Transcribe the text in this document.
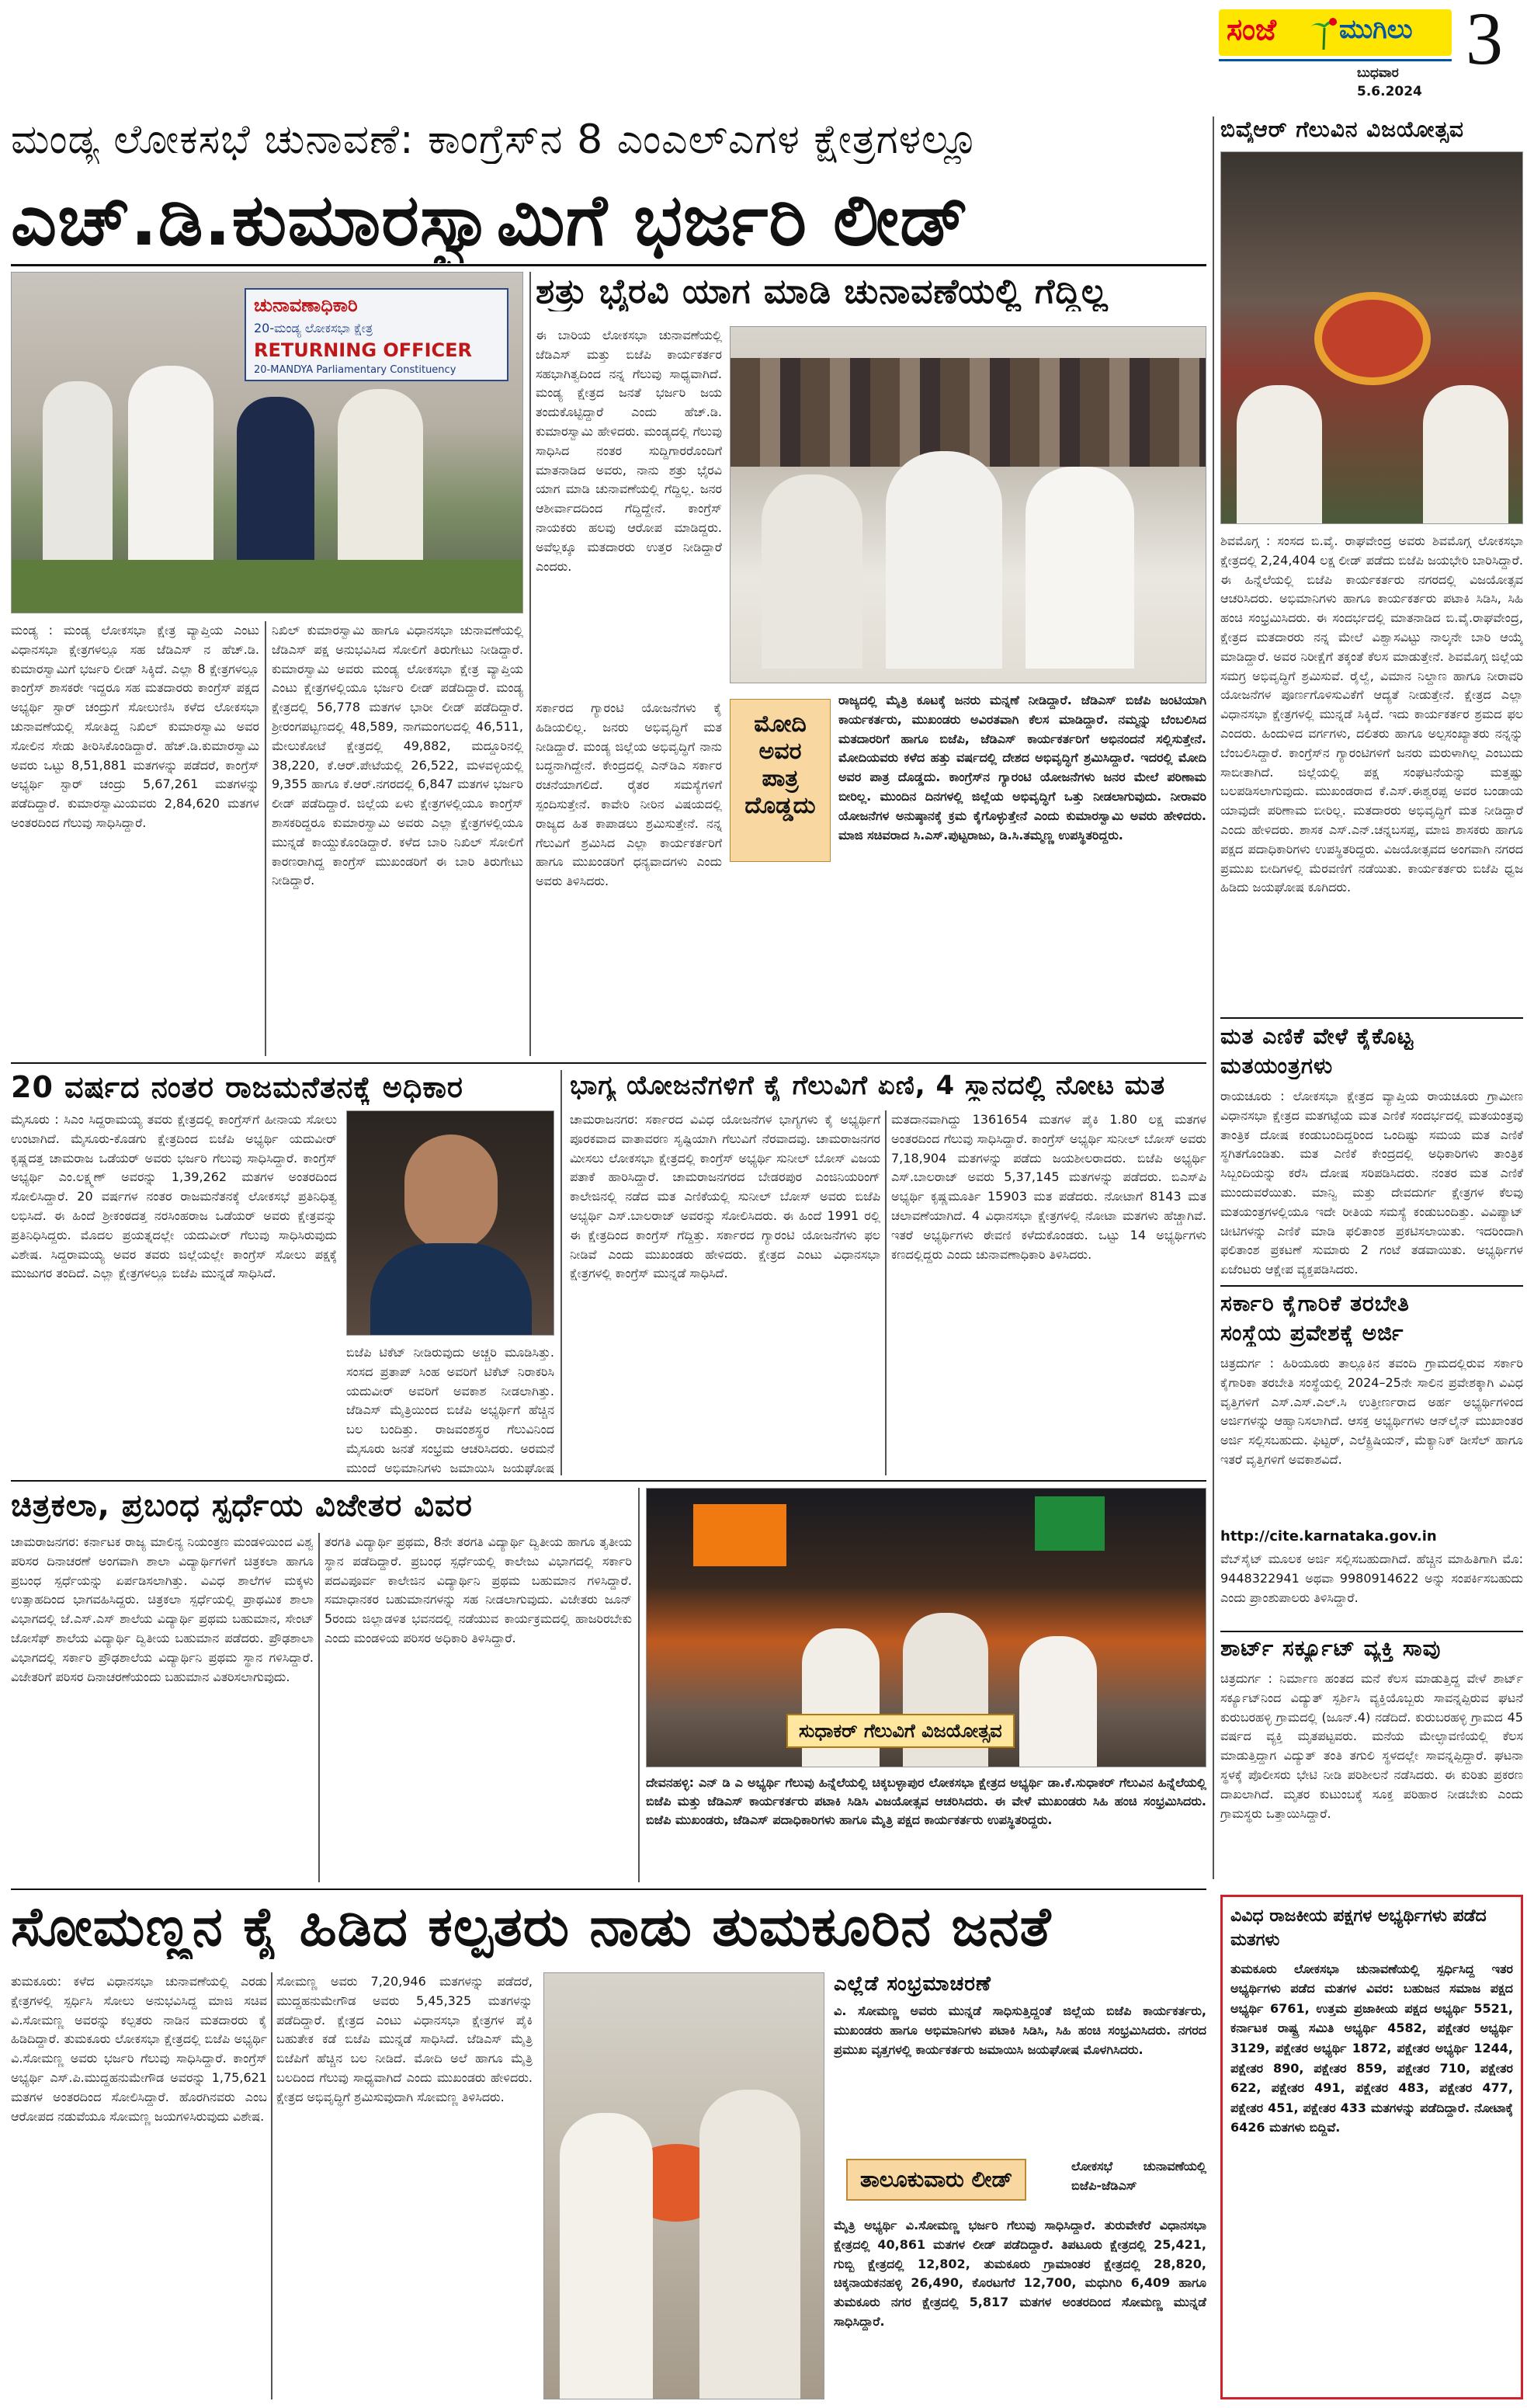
ಸಂಜೆ ಮುಗಿಲು
ಬುಧವಾರ
5.6.2024
3
ಮಂಡ್ಯ ಲೋಕಸಭೆ ಚುನಾವಣೆ: ಕಾಂಗ್ರೆಸ್‌ನ 8 ಎಂಎಲ್ಎಗಳ ಕ್ಷೇತ್ರಗಳಲ್ಲೂ
ಎಚ್.ಡಿ.ಕುಮಾರಸ್ವಾಮಿಗೆ ಭರ್ಜರಿ ಲೀಡ್
ಚುನಾವಣಾಧಿಕಾರಿ
20-ಮಂಡ್ಯ ಲೋಕಸಭಾ ಕ್ಷೇತ್ರ
RETURNING OFFICER
20-MANDYA Parliamentary Constituency
ಮಂಡ್ಯ : ಮಂಡ್ಯ ಲೋಕಸಭಾ ಕ್ಷೇತ್ರ ವ್ಯಾಪ್ತಿಯ ಎಂಟು ವಿಧಾನಸಭಾ ಕ್ಷೇತ್ರಗಳಲ್ಲೂ ಸಹ ಜೆಡಿಎಸ್ ನ ಹೆಚ್.ಡಿ. ಕುಮಾರಸ್ವಾಮಿಗೆ ಭರ್ಜರಿ ಲೀಡ್ ಸಿಕ್ಕಿದೆ. ಎಲ್ಲಾ 8 ಕ್ಷೇತ್ರಗಳಲ್ಲೂ ಕಾಂಗ್ರೆಸ್ ಶಾಸಕರೇ ಇದ್ದರೂ ಸಹ ಮತದಾರರು ಕಾಂಗ್ರೆಸ್ ಪಕ್ಷದ ಅಭ್ಯರ್ಥಿ ಸ್ಟಾರ್ ಚಂದ್ರುಗೆ ಸೋಲುಣಿಸಿ ಕಳೆದ ಲೋಕಸಭಾ ಚುನಾವಣೆಯಲ್ಲಿ ಸೋತಿದ್ದ ನಿಖಿಲ್ ಕುಮಾರಸ್ವಾಮಿ ಅವರ ಸೋಲಿನ ಸೇಡು ತೀರಿಸಿಕೊಂಡಿದ್ದಾರೆ. ಹೆಚ್.ಡಿ.ಕುಮಾರಸ್ವಾಮಿ ಅವರು ಒಟ್ಟು 8,51,881 ಮತಗಳನ್ನು ಪಡೆದರೆ, ಕಾಂಗ್ರೆಸ್ ಅಭ್ಯರ್ಥಿ ಸ್ಟಾರ್ ಚಂದ್ರು 5,67,261 ಮತಗಳನ್ನು ಪಡೆದಿದ್ದಾರೆ. ಕುಮಾರಸ್ವಾಮಿಯವರು 2,84,620 ಮತಗಳ ಅಂತರದಿಂದ ಗೆಲುವು ಸಾಧಿಸಿದ್ದಾರೆ.
ನಿಖಿಲ್ ಕುಮಾರಸ್ವಾಮಿ ಹಾಗೂ ವಿಧಾನಸಭಾ ಚುನಾವಣೆಯಲ್ಲಿ ಜೆಡಿಎಸ್ ಪಕ್ಷ ಅನುಭವಿಸಿದ ಸೋಲಿಗೆ ತಿರುಗೇಟು ನೀಡಿದ್ದಾರೆ. ಕುಮಾರಸ್ವಾಮಿ ಅವರು ಮಂಡ್ಯ ಲೋಕಸಭಾ ಕ್ಷೇತ್ರ ವ್ಯಾಪ್ತಿಯ ಎಂಟು ಕ್ಷೇತ್ರಗಳಲ್ಲಿಯೂ ಭರ್ಜರಿ ಲೀಡ್ ಪಡೆದಿದ್ದಾರೆ. ಮಂಡ್ಯ ಕ್ಷೇತ್ರದಲ್ಲಿ 56,778 ಮತಗಳ ಭಾರೀ ಲೀಡ್ ಪಡೆದಿದ್ದಾರೆ. ಶ್ರೀರಂಗಪಟ್ಟಣದಲ್ಲಿ 48,589, ನಾಗಮಂಗಲದಲ್ಲಿ 46,511, ಮೇಲುಕೋಟೆ ಕ್ಷೇತ್ರದಲ್ಲಿ 49,882, ಮದ್ದೂರಿನಲ್ಲಿ 38,220, ಕೆ.ಆರ್.ಪೇಟೆಯಲ್ಲಿ 26,522, ಮಳವಳ್ಳಿಯಲ್ಲಿ 9,355 ಹಾಗೂ ಕೆ.ಆರ್.ನಗರದಲ್ಲಿ 6,847 ಮತಗಳ ಭರ್ಜರಿ ಲೀಡ್ ಪಡೆದಿದ್ದಾರೆ. ಜಿಲ್ಲೆಯ ಏಳು ಕ್ಷೇತ್ರಗಳಲ್ಲಿಯೂ ಕಾಂಗ್ರೆಸ್ ಶಾಸಕರಿದ್ದರೂ ಕುಮಾರಸ್ವಾಮಿ ಅವರು ಎಲ್ಲಾ ಕ್ಷೇತ್ರಗಳಲ್ಲಿಯೂ ಮುನ್ನಡೆ ಕಾಯ್ದುಕೊಂಡಿದ್ದಾರೆ. ಕಳೆದ ಬಾರಿ ನಿಖಿಲ್ ಸೋಲಿಗೆ ಕಾರಣರಾಗಿದ್ದ ಕಾಂಗ್ರೆಸ್ ಮುಖಂಡರಿಗೆ ಈ ಬಾರಿ ತಿರುಗೇಟು ನೀಡಿದ್ದಾರೆ.
ಶತ್ರು ಭೈರವಿ ಯಾಗ ಮಾಡಿ ಚುನಾವಣೆಯಲ್ಲಿ ಗೆದ್ದಿಲ್ಲ
ಈ ಬಾರಿಯ ಲೋಕಸಭಾ ಚುನಾವಣೆಯಲ್ಲಿ ಜೆಡಿಎಸ್ ಮತ್ತು ಬಿಜೆಪಿ ಕಾರ್ಯಕರ್ತರ ಸಹಭಾಗಿತ್ವದಿಂದ ನನ್ನ ಗೆಲುವು ಸಾಧ್ಯವಾಗಿದೆ. ಮಂಡ್ಯ ಕ್ಷೇತ್ರದ ಜನತೆ ಭರ್ಜರಿ ಜಯ ತಂದುಕೊಟ್ಟಿದ್ದಾರೆ ಎಂದು ಹೆಚ್.ಡಿ. ಕುಮಾರಸ್ವಾಮಿ ಹೇಳಿದರು. ಮಂಡ್ಯದಲ್ಲಿ ಗೆಲುವು ಸಾಧಿಸಿದ ನಂತರ ಸುದ್ದಿಗಾರರೊಂದಿಗೆ ಮಾತನಾಡಿದ ಅವರು, ನಾನು ಶತ್ರು ಭೈರವಿ ಯಾಗ ಮಾಡಿ ಚುನಾವಣೆಯಲ್ಲಿ ಗೆದ್ದಿಲ್ಲ. ಜನರ ಆಶೀರ್ವಾದದಿಂದ ಗೆದ್ದಿದ್ದೇನೆ. ಕಾಂಗ್ರೆಸ್ ನಾಯಕರು ಹಲವು ಆರೋಪ ಮಾಡಿದ್ದರು. ಅವೆಲ್ಲಕ್ಕೂ ಮತದಾರರು ಉತ್ತರ ನೀಡಿದ್ದಾರೆ ಎಂದರು.
ಸರ್ಕಾರದ ಗ್ಯಾರಂಟಿ ಯೋಜನೆಗಳು ಕೈ ಹಿಡಿಯಲಿಲ್ಲ. ಜನರು ಅಭಿವೃದ್ಧಿಗೆ ಮತ ನೀಡಿದ್ದಾರೆ. ಮಂಡ್ಯ ಜಿಲ್ಲೆಯ ಅಭಿವೃದ್ಧಿಗೆ ನಾನು ಬದ್ಧನಾಗಿದ್ದೇನೆ. ಕೇಂದ್ರದಲ್ಲಿ ಎನ್‌ಡಿಎ ಸರ್ಕಾರ ರಚನೆಯಾಗಲಿದೆ. ರೈತರ ಸಮಸ್ಯೆಗಳಿಗೆ ಸ್ಪಂದಿಸುತ್ತೇನೆ. ಕಾವೇರಿ ನೀರಿನ ವಿಷಯದಲ್ಲಿ ರಾಜ್ಯದ ಹಿತ ಕಾಪಾಡಲು ಶ್ರಮಿಸುತ್ತೇನೆ. ನನ್ನ ಗೆಲುವಿಗೆ ಶ್ರಮಿಸಿದ ಎಲ್ಲಾ ಕಾರ್ಯಕರ್ತರಿಗೆ ಹಾಗೂ ಮುಖಂಡರಿಗೆ ಧನ್ಯವಾದಗಳು ಎಂದು ಅವರು ತಿಳಿಸಿದರು.
ಮೋದಿ
ಅವರ
ಪಾತ್ರ
ದೊಡ್ಡದು
ರಾಜ್ಯದಲ್ಲಿ ಮೈತ್ರಿ ಕೂಟಕ್ಕೆ ಜನರು ಮನ್ನಣೆ ನೀಡಿದ್ದಾರೆ. ಜೆಡಿಎಸ್ ಬಿಜೆಪಿ ಜಂಟಿಯಾಗಿ ಕಾರ್ಯಕರ್ತರು, ಮುಖಂಡರು ಅವಿರತವಾಗಿ ಕೆಲಸ ಮಾಡಿದ್ದಾರೆ. ನಮ್ಮನ್ನು ಬೆಂಬಲಿಸಿದ ಮತದಾರರಿಗೆ ಹಾಗೂ ಬಿಜೆಪಿ, ಜೆಡಿಎಸ್ ಕಾರ್ಯಕರ್ತರಿಗೆ ಅಭಿನಂದನೆ ಸಲ್ಲಿಸುತ್ತೇನೆ. ಮೋದಿಯವರು ಕಳೆದ ಹತ್ತು ವರ್ಷದಲ್ಲಿ ದೇಶದ ಅಭಿವೃದ್ಧಿಗೆ ಶ್ರಮಿಸಿದ್ದಾರೆ. ಇದರಲ್ಲಿ ಮೋದಿ ಅವರ ಪಾತ್ರ ದೊಡ್ಡದು. ಕಾಂಗ್ರೆಸ್‌ನ ಗ್ಯಾರಂಟಿ ಯೋಜನೆಗಳು ಜನರ ಮೇಲೆ ಪರಿಣಾಮ ಬೀರಿಲ್ಲ. ಮುಂದಿನ ದಿನಗಳಲ್ಲಿ ಜಿಲ್ಲೆಯ ಅಭಿವೃದ್ಧಿಗೆ ಒತ್ತು ನೀಡಲಾಗುವುದು. ನೀರಾವರಿ ಯೋಜನೆಗಳ ಅನುಷ್ಠಾನಕ್ಕೆ ಕ್ರಮ ಕೈಗೊಳ್ಳುತ್ತೇನೆ ಎಂದು ಕುಮಾರಸ್ವಾಮಿ ಅವರು ಹೇಳಿದರು. ಮಾಜಿ ಸಚಿವರಾದ ಸಿ.ಎಸ್.ಪುಟ್ಟರಾಜು, ಡಿ.ಸಿ.ತಮ್ಮಣ್ಣ ಉಪಸ್ಥಿತರಿದ್ದರು.
ಬಿವೈಆರ್ ಗೆಲುವಿನ ವಿಜಯೋತ್ಸವ
ಶಿವಮೊಗ್ಗ : ಸಂಸದ ಬಿ.ವೈ. ರಾಘವೇಂದ್ರ ಅವರು ಶಿವಮೊಗ್ಗ ಲೋಕಸಭಾ ಕ್ಷೇತ್ರದಲ್ಲಿ 2,24,404 ಲಕ್ಷ ಲೀಡ್ ಪಡೆದು ಬಿಜೆಪಿ ಜಯಭೇರಿ ಬಾರಿಸಿದ್ದಾರೆ. ಈ ಹಿನ್ನೆಲೆಯಲ್ಲಿ ಬಿಜೆಪಿ ಕಾರ್ಯಕರ್ತರು ನಗರದಲ್ಲಿ ವಿಜಯೋತ್ಸವ ಆಚರಿಸಿದರು. ಅಭಿಮಾನಿಗಳು ಹಾಗೂ ಕಾರ್ಯಕರ್ತರು ಪಟಾಕಿ ಸಿಡಿಸಿ, ಸಿಹಿ ಹಂಚಿ ಸಂಭ್ರಮಿಸಿದರು. ಈ ಸಂದರ್ಭದಲ್ಲಿ ಮಾತನಾಡಿದ ಬಿ.ವೈ.ರಾಘವೇಂದ್ರ, ಕ್ಷೇತ್ರದ ಮತದಾರರು ನನ್ನ ಮೇಲೆ ವಿಶ್ವಾಸವಿಟ್ಟು ನಾಲ್ಕನೇ ಬಾರಿ ಆಯ್ಕೆ ಮಾಡಿದ್ದಾರೆ. ಅವರ ನಿರೀಕ್ಷೆಗೆ ತಕ್ಕಂತೆ ಕೆಲಸ ಮಾಡುತ್ತೇನೆ. ಶಿವಮೊಗ್ಗ ಜಿಲ್ಲೆಯ ಸಮಗ್ರ ಅಭಿವೃದ್ಧಿಗೆ ಶ್ರಮಿಸುವೆ. ರೈಲ್ವೆ, ವಿಮಾನ ನಿಲ್ದಾಣ ಹಾಗೂ ನೀರಾವರಿ ಯೋಜನೆಗಳ ಪೂರ್ಣಗೊಳಿಸುವಿಕೆಗೆ ಆದ್ಯತೆ ನೀಡುತ್ತೇನೆ. ಕ್ಷೇತ್ರದ ಎಲ್ಲಾ ವಿಧಾನಸಭಾ ಕ್ಷೇತ್ರಗಳಲ್ಲಿ ಮುನ್ನಡೆ ಸಿಕ್ಕಿದೆ. ಇದು ಕಾರ್ಯಕರ್ತರ ಶ್ರಮದ ಫಲ ಎಂದರು. ಹಿಂದುಳಿದ ವರ್ಗಗಳು, ದಲಿತರು ಹಾಗೂ ಅಲ್ಪಸಂಖ್ಯಾತರು ನನ್ನನ್ನು ಬೆಂಬಲಿಸಿದ್ದಾರೆ. ಕಾಂಗ್ರೆಸ್‌ನ ಗ್ಯಾರಂಟಿಗಳಿಗೆ ಜನರು ಮರುಳಾಗಿಲ್ಲ ಎಂಬುದು ಸಾಬೀತಾಗಿದೆ. ಜಿಲ್ಲೆಯಲ್ಲಿ ಪಕ್ಷ ಸಂಘಟನೆಯನ್ನು ಮತ್ತಷ್ಟು ಬಲಪಡಿಸಲಾಗುವುದು. ಮುಖಂಡರಾದ ಕೆ.ಎಸ್.ಈಶ್ವರಪ್ಪ ಅವರ ಬಂಡಾಯ ಯಾವುದೇ ಪರಿಣಾಮ ಬೀರಿಲ್ಲ. ಮತದಾರರು ಅಭಿವೃದ್ಧಿಗೆ ಮತ ನೀಡಿದ್ದಾರೆ ಎಂದು ಹೇಳಿದರು. ಶಾಸಕ ಎಸ್.ಎನ್.ಚನ್ನಬಸಪ್ಪ, ಮಾಜಿ ಶಾಸಕರು ಹಾಗೂ ಪಕ್ಷದ ಪದಾಧಿಕಾರಿಗಳು ಉಪಸ್ಥಿತರಿದ್ದರು. ವಿಜಯೋತ್ಸವದ ಅಂಗವಾಗಿ ನಗರದ ಪ್ರಮುಖ ಬೀದಿಗಳಲ್ಲಿ ಮೆರವಣಿಗೆ ನಡೆಯಿತು. ಕಾರ್ಯಕರ್ತರು ಬಿಜೆಪಿ ಧ್ವಜ ಹಿಡಿದು ಜಯಘೋಷ ಕೂಗಿದರು.
ಮತ ಎಣಿಕೆ ವೇಳೆ ಕೈಕೊಟ್ಟ
ಮತಯಂತ್ರಗಳು
ರಾಯಚೂರು : ಲೋಕಸಭಾ ಕ್ಷೇತ್ರದ ವ್ಯಾಪ್ತಿಯ ರಾಯಚೂರು ಗ್ರಾಮೀಣ ವಿಧಾನಸಭಾ ಕ್ಷೇತ್ರದ ಮತಗಟ್ಟೆಯ ಮತ ಎಣಿಕೆ ಸಂದರ್ಭದಲ್ಲಿ ಮತಯಂತ್ರವು ತಾಂತ್ರಿಕ ದೋಷ ಕಂಡುಬಂದಿದ್ದರಿಂದ ಒಂದಿಷ್ಟು ಸಮಯ ಮತ ಎಣಿಕೆ ಸ್ಥಗಿತಗೊಂಡಿತು. ಮತ ಎಣಿಕೆ ಕೇಂದ್ರದಲ್ಲಿ ಅಧಿಕಾರಿಗಳು ತಾಂತ್ರಿಕ ಸಿಬ್ಬಂದಿಯನ್ನು ಕರೆಸಿ ದೋಷ ಸರಿಪಡಿಸಿದರು. ನಂತರ ಮತ ಎಣಿಕೆ ಮುಂದುವರೆಯಿತು. ಮಾನ್ವಿ ಮತ್ತು ದೇವದುರ್ಗ ಕ್ಷೇತ್ರಗಳ ಕೆಲವು ಮತಯಂತ್ರಗಳಲ್ಲಿಯೂ ಇದೇ ರೀತಿಯ ಸಮಸ್ಯೆ ಕಂಡುಬಂದಿತ್ತು. ವಿವಿಪ್ಯಾಟ್ ಚೀಟಿಗಳನ್ನು ಎಣಿಕೆ ಮಾಡಿ ಫಲಿತಾಂಶ ಪ್ರಕಟಿಸಲಾಯಿತು. ಇದರಿಂದಾಗಿ ಫಲಿತಾಂಶ ಪ್ರಕಟಣೆ ಸುಮಾರು 2 ಗಂಟೆ ತಡವಾಯಿತು. ಅಭ್ಯರ್ಥಿಗಳ ಏಜೆಂಟರು ಆಕ್ಷೇಪ ವ್ಯಕ್ತಪಡಿಸಿದರು.
ಸರ್ಕಾರಿ ಕೈಗಾರಿಕೆ ತರಬೇತಿ
ಸಂಸ್ಥೆಯ ಪ್ರವೇಶಕ್ಕೆ ಅರ್ಜಿ
ಚಿತ್ರದುರ್ಗ : ಹಿರಿಯೂರು ತಾಲ್ಲೂಕಿನ ತವಂದಿ ಗ್ರಾಮದಲ್ಲಿರುವ ಸರ್ಕಾರಿ ಕೈಗಾರಿಕಾ ತರಬೇತಿ ಸಂಸ್ಥೆಯಲ್ಲಿ 2024–25ನೇ ಸಾಲಿನ ಪ್ರವೇಶಕ್ಕಾಗಿ ವಿವಿಧ ವೃತ್ತಿಗಳಿಗೆ ಎಸ್.ಎಸ್.ಎಲ್.ಸಿ ಉತ್ತೀರ್ಣರಾದ ಅರ್ಹ ಅಭ್ಯರ್ಥಿಗಳಿಂದ ಅರ್ಜಿಗಳನ್ನು ಆಹ್ವಾನಿಸಲಾಗಿದೆ. ಆಸಕ್ತ ಅಭ್ಯರ್ಥಿಗಳು ಆನ್‌ಲೈನ್ ಮುಖಾಂತರ ಅರ್ಜಿ ಸಲ್ಲಿಸಬಹುದು. ಫಿಟ್ಟರ್, ಎಲೆಕ್ಟ್ರಿಷಿಯನ್, ಮೆಕ್ಯಾನಿಕ್ ಡೀಸೆಲ್ ಹಾಗೂ ಇತರೆ ವೃತ್ತಿಗಳಿಗೆ ಅವಕಾಶವಿದೆ.
http://cite.karnataka.gov.in
ವೆಬ್‌ಸೈಟ್ ಮೂಲಕ ಅರ್ಜಿ ಸಲ್ಲಿಸಬಹುದಾಗಿದೆ. ಹೆಚ್ಚಿನ ಮಾಹಿತಿಗಾಗಿ ಮೊ: 9448322941 ಅಥವಾ 9980914622 ಅನ್ನು ಸಂಪರ್ಕಿಸಬಹುದು ಎಂದು ಪ್ರಾಂಶುಪಾಲರು ತಿಳಿಸಿದ್ದಾರೆ.
ಶಾರ್ಟ್ ಸರ್ಕ್ಯೂಟ್ ವ್ಯಕ್ತಿ ಸಾವು
ಚಿತ್ರದುರ್ಗ : ನಿರ್ಮಾಣ ಹಂತದ ಮನೆ ಕೆಲಸ ಮಾಡುತ್ತಿದ್ದ ವೇಳೆ ಶಾರ್ಟ್ ಸರ್ಕ್ಯೂಟ್‌ನಿಂದ ವಿದ್ಯುತ್ ಸ್ಪರ್ಶಿಸಿ ವ್ಯಕ್ತಿಯೊಬ್ಬರು ಸಾವನ್ನಪ್ಪಿರುವ ಘಟನೆ ಕುರುಬರಹಳ್ಳಿ ಗ್ರಾಮದಲ್ಲಿ (ಜೂನ್.4) ನಡೆದಿದೆ. ಕುರುಬರಹಳ್ಳಿ ಗ್ರಾಮದ 45 ವರ್ಷದ ವ್ಯಕ್ತಿ ಮೃತಪಟ್ಟವರು. ಮನೆಯ ಮೇಲ್ಛಾವಣಿಯಲ್ಲಿ ಕೆಲಸ ಮಾಡುತ್ತಿದ್ದಾಗ ವಿದ್ಯುತ್ ತಂತಿ ತಗುಲಿ ಸ್ಥಳದಲ್ಲೇ ಸಾವನ್ನಪ್ಪಿದ್ದಾರೆ. ಘಟನಾ ಸ್ಥಳಕ್ಕೆ ಪೊಲೀಸರು ಭೇಟಿ ನೀಡಿ ಪರಿಶೀಲನೆ ನಡೆಸಿದರು. ಈ ಕುರಿತು ಪ್ರಕರಣ ದಾಖಲಾಗಿದೆ. ಮೃತರ ಕುಟುಂಬಕ್ಕೆ ಸೂಕ್ತ ಪರಿಹಾರ ನೀಡಬೇಕು ಎಂದು ಗ್ರಾಮಸ್ಥರು ಒತ್ತಾಯಿಸಿದ್ದಾರೆ.
20 ವರ್ಷದ ನಂತರ ರಾಜಮನೆತನಕ್ಕೆ ಅಧಿಕಾರ
ಮೈಸೂರು : ಸಿಎಂ ಸಿದ್ದರಾಮಯ್ಯ ತವರು ಕ್ಷೇತ್ರದಲ್ಲಿ ಕಾಂಗ್ರೆಸ್‌ಗೆ ಹೀನಾಯ ಸೋಲು ಉಂಟಾಗಿದೆ. ಮೈಸೂರು-ಕೊಡಗು ಕ್ಷೇತ್ರದಿಂದ ಬಿಜೆಪಿ ಅಭ್ಯರ್ಥಿ ಯದುವೀರ್ ಕೃಷ್ಣದತ್ತ ಚಾಮರಾಜ ಒಡೆಯರ್ ಅವರು ಭರ್ಜರಿ ಗೆಲುವು ಸಾಧಿಸಿದ್ದಾರೆ. ಕಾಂಗ್ರೆಸ್ ಅಭ್ಯರ್ಥಿ ಎಂ.ಲಕ್ಷ್ಮಣ್ ಅವರನ್ನು 1,39,262 ಮತಗಳ ಅಂತರದಿಂದ ಸೋಲಿಸಿದ್ದಾರೆ. 20 ವರ್ಷಗಳ ನಂತರ ರಾಜಮನೆತನಕ್ಕೆ ಲೋಕಸಭೆ ಪ್ರತಿನಿಧಿತ್ವ ಲಭಿಸಿದೆ. ಈ ಹಿಂದೆ ಶ್ರೀಕಂಠದತ್ತ ನರಸಿಂಹರಾಜ ಒಡೆಯರ್ ಅವರು ಕ್ಷೇತ್ರವನ್ನು ಪ್ರತಿನಿಧಿಸಿದ್ದರು. ಮೊದಲ ಪ್ರಯತ್ನದಲ್ಲೇ ಯದುವೀರ್ ಗೆಲುವು ಸಾಧಿಸಿರುವುದು ವಿಶೇಷ. ಸಿದ್ದರಾಮಯ್ಯ ಅವರ ತವರು ಜಿಲ್ಲೆಯಲ್ಲೇ ಕಾಂಗ್ರೆಸ್ ಸೋಲು ಪಕ್ಷಕ್ಕೆ ಮುಜುಗರ ತಂದಿದೆ. ಎಲ್ಲಾ ಕ್ಷೇತ್ರಗಳಲ್ಲೂ ಬಿಜೆಪಿ ಮುನ್ನಡೆ ಸಾಧಿಸಿದೆ.
ಬಿಜೆಪಿ ಟಿಕೆಟ್ ನೀಡಿರುವುದು ಅಚ್ಚರಿ ಮೂಡಿಸಿತ್ತು. ಸಂಸದ ಪ್ರತಾಪ್ ಸಿಂಹ ಅವರಿಗೆ ಟಿಕೆಟ್ ನಿರಾಕರಿಸಿ ಯದುವೀರ್ ಅವರಿಗೆ ಅವಕಾಶ ನೀಡಲಾಗಿತ್ತು. ಜೆಡಿಎಸ್ ಮೈತ್ರಿಯಿಂದ ಬಿಜೆಪಿ ಅಭ್ಯರ್ಥಿಗೆ ಹೆಚ್ಚಿನ ಬಲ ಬಂದಿತ್ತು. ರಾಜವಂಶಸ್ಥರ ಗೆಲುವಿನಿಂದ ಮೈಸೂರು ಜನತೆ ಸಂಭ್ರಮ ಆಚರಿಸಿದರು. ಅರಮನೆ ಮುಂದೆ ಅಭಿಮಾನಿಗಳು ಜಮಾಯಿಸಿ ಜಯಘೋಷ
ಭಾಗ್ಯ ಯೋಜನೆಗಳಿಗೆ ಕೈ ಗೆಲುವಿಗೆ ಏಣಿ, 4 ಸ್ಥಾನದಲ್ಲಿ ನೋಟ ಮತ
ಚಾಮರಾಜನಗರ: ಸರ್ಕಾರದ ವಿವಿಧ ಯೋಜನೆಗಳ ಭಾಗ್ಯಗಳು ಕೈ ಅಭ್ಯರ್ಥಿಗೆ ಪೂರಕವಾದ ವಾತಾವರಣ ಸೃಷ್ಟಿಯಾಗಿ ಗೆಲುವಿಗೆ ನೆರವಾದವು. ಚಾಮರಾಜನಗರ ಮೀಸಲು ಲೋಕಸಭಾ ಕ್ಷೇತ್ರದಲ್ಲಿ ಕಾಂಗ್ರೆಸ್ ಅಭ್ಯರ್ಥಿ ಸುನೀಲ್ ಬೋಸ್ ವಿಜಯ ಪತಾಕೆ ಹಾರಿಸಿದ್ದಾರೆ. ಚಾಮರಾಜನಗರದ ಬೇಡರಪುರ ಎಂಜಿನಿಯರಿಂಗ್ ಕಾಲೇಜಿನಲ್ಲಿ ನಡೆದ ಮತ ಎಣಿಕೆಯಲ್ಲಿ ಸುನೀಲ್ ಬೋಸ್ ಅವರು ಬಿಜೆಪಿ ಅಭ್ಯರ್ಥಿ ಎಸ್.ಬಾಲರಾಜ್ ಅವರನ್ನು ಸೋಲಿಸಿದರು. ಈ ಹಿಂದೆ 1991 ರಲ್ಲಿ ಈ ಕ್ಷೇತ್ರದಿಂದ ಕಾಂಗ್ರೆಸ್ ಗೆದ್ದಿತ್ತು. ಸರ್ಕಾರದ ಗ್ಯಾರಂಟಿ ಯೋಜನೆಗಳು ಫಲ ನೀಡಿವೆ ಎಂದು ಮುಖಂಡರು ಹೇಳಿದರು. ಕ್ಷೇತ್ರದ ಎಂಟು ವಿಧಾನಸಭಾ ಕ್ಷೇತ್ರಗಳಲ್ಲಿ ಕಾಂಗ್ರೆಸ್ ಮುನ್ನಡೆ ಸಾಧಿಸಿದೆ.
ಮತದಾನವಾಗಿದ್ದು 1361654 ಮತಗಳ ಪೈಕಿ 1.80 ಲಕ್ಷ ಮತಗಳ ಅಂತರದಿಂದ ಗೆಲುವು ಸಾಧಿಸಿದ್ದಾರೆ. ಕಾಂಗ್ರೆಸ್ ಅಭ್ಯರ್ಥಿ ಸುನೀಲ್ ಬೋಸ್ ಅವರು 7,18,904 ಮತಗಳನ್ನು ಪಡೆದು ಜಯಶೀಲರಾದರು. ಬಿಜೆಪಿ ಅಭ್ಯರ್ಥಿ ಎಸ್.ಬಾಲರಾಜ್ ಅವರು 5,37,145 ಮತಗಳನ್ನು ಪಡೆದರು. ಬಿಎಸ್‌ಪಿ ಅಭ್ಯರ್ಥಿ ಕೃಷ್ಣಮೂರ್ತಿ 15903 ಮತ ಪಡೆದರು. ನೋಟಾಗೆ 8143 ಮತ ಚಲಾವಣೆಯಾಗಿದೆ. 4 ವಿಧಾನಸಭಾ ಕ್ಷೇತ್ರಗಳಲ್ಲಿ ನೋಟಾ ಮತಗಳು ಹೆಚ್ಚಾಗಿವೆ. ಇತರೆ ಅಭ್ಯರ್ಥಿಗಳು ಠೇವಣಿ ಕಳೆದುಕೊಂಡರು. ಒಟ್ಟು 14 ಅಭ್ಯರ್ಥಿಗಳು ಕಣದಲ್ಲಿದ್ದರು ಎಂದು ಚುನಾವಣಾಧಿಕಾರಿ ತಿಳಿಸಿದರು.
ಚಿತ್ರಕಲಾ, ಪ್ರಬಂಧ ಸ್ಪರ್ಧೆಯ ವಿಜೇತರ ವಿವರ
ಚಾಮರಾಜನಗರ: ಕರ್ನಾಟಕ ರಾಜ್ಯ ಮಾಲಿನ್ಯ ನಿಯಂತ್ರಣ ಮಂಡಳಿಯಿಂದ ವಿಶ್ವ ಪರಿಸರ ದಿನಾಚರಣೆ ಅಂಗವಾಗಿ ಶಾಲಾ ವಿದ್ಯಾರ್ಥಿಗಳಿಗೆ ಚಿತ್ರಕಲಾ ಹಾಗೂ ಪ್ರಬಂಧ ಸ್ಪರ್ಧೆಯನ್ನು ಏರ್ಪಡಿಸಲಾಗಿತ್ತು. ವಿವಿಧ ಶಾಲೆಗಳ ಮಕ್ಕಳು ಉತ್ಸಾಹದಿಂದ ಭಾಗವಹಿಸಿದ್ದರು. ಚಿತ್ರಕಲಾ ಸ್ಪರ್ಧೆಯಲ್ಲಿ ಪ್ರಾಥಮಿಕ ಶಾಲಾ ವಿಭಾಗದಲ್ಲಿ ಜೆ.ಎಸ್.ಎಸ್ ಶಾಲೆಯ ವಿದ್ಯಾರ್ಥಿ ಪ್ರಥಮ ಬಹುಮಾನ, ಸೇಂಟ್ ಜೋಸೆಫ್ ಶಾಲೆಯ ವಿದ್ಯಾರ್ಥಿ ದ್ವಿತೀಯ ಬಹುಮಾನ ಪಡೆದರು. ಪ್ರೌಢಶಾಲಾ ವಿಭಾಗದಲ್ಲಿ ಸರ್ಕಾರಿ ಪ್ರೌಢಶಾಲೆಯ ವಿದ್ಯಾರ್ಥಿನಿ ಪ್ರಥಮ ಸ್ಥಾನ ಗಳಿಸಿದ್ದಾರೆ. ವಿಜೇತರಿಗೆ ಪರಿಸರ ದಿನಾಚರಣೆಯಂದು ಬಹುಮಾನ ವಿತರಿಸಲಾಗುವುದು.
ತರಗತಿ ವಿದ್ಯಾರ್ಥಿ ಪ್ರಥಮ, 8ನೇ ತರಗತಿ ವಿದ್ಯಾರ್ಥಿ ದ್ವಿತೀಯ ಹಾಗೂ ತೃತೀಯ ಸ್ಥಾನ ಪಡೆದಿದ್ದಾರೆ. ಪ್ರಬಂಧ ಸ್ಪರ್ಧೆಯಲ್ಲಿ ಕಾಲೇಜು ವಿಭಾಗದಲ್ಲಿ ಸರ್ಕಾರಿ ಪದವಿಪೂರ್ವ ಕಾಲೇಜಿನ ವಿದ್ಯಾರ್ಥಿನಿ ಪ್ರಥಮ ಬಹುಮಾನ ಗಳಿಸಿದ್ದಾರೆ. ಸಮಾಧಾನಕರ ಬಹುಮಾನಗಳನ್ನು ಸಹ ನೀಡಲಾಗುವುದು. ವಿಜೇತರು ಜೂನ್ 5ರಂದು ಜಿಲ್ಲಾಡಳಿತ ಭವನದಲ್ಲಿ ನಡೆಯುವ ಕಾರ್ಯಕ್ರಮದಲ್ಲಿ ಹಾಜರಿರಬೇಕು ಎಂದು ಮಂಡಳಿಯ ಪರಿಸರ ಅಧಿಕಾರಿ ತಿಳಿಸಿದ್ದಾರೆ.
ಸುಧಾಕರ್ ಗೆಲುವಿಗೆ ವಿಜಯೋತ್ಸವ
ದೇವನಹಳ್ಳಿ: ಎನ್ ಡಿ ಎ ಅಭ್ಯರ್ಥಿ ಗೆಲುವು ಹಿನ್ನೆಲೆಯಲ್ಲಿ ಚಿಕ್ಕಬಳ್ಳಾಪುರ ಲೋಕಸಭಾ ಕ್ಷೇತ್ರದ ಅಭ್ಯರ್ಥಿ ಡಾ.ಕೆ.ಸುಧಾಕರ್ ಗೆಲುವಿನ ಹಿನ್ನೆಲೆಯಲ್ಲಿ ಬಿಜೆಪಿ ಮತ್ತು ಜೆಡಿಎಸ್ ಕಾರ್ಯಕರ್ತರು ಪಟಾಕಿ ಸಿಡಿಸಿ ವಿಜಯೋತ್ಸವ ಆಚರಿಸಿದರು. ಈ ವೇಳೆ ಮುಖಂಡರು ಸಿಹಿ ಹಂಚಿ ಸಂಭ್ರಮಿಸಿದರು. ಬಿಜೆಪಿ ಮುಖಂಡರು, ಜೆಡಿಎಸ್ ಪದಾಧಿಕಾರಿಗಳು ಹಾಗೂ ಮೈತ್ರಿ ಪಕ್ಷದ ಕಾರ್ಯಕರ್ತರು ಉಪಸ್ಥಿತರಿದ್ದರು.
ಸೋಮಣ್ಣನ ಕೈ ಹಿಡಿದ ಕಲ್ಪತರು ನಾಡು ತುಮಕೂರಿನ ಜನತೆ
ತುಮಕೂರು: ಕಳೆದ ವಿಧಾನಸಭಾ ಚುನಾವಣೆಯಲ್ಲಿ ಎರಡು ಕ್ಷೇತ್ರಗಳಲ್ಲಿ ಸ್ಪರ್ಧಿಸಿ ಸೋಲು ಅನುಭವಿಸಿದ್ದ ಮಾಜಿ ಸಚಿವ ವಿ.ಸೋಮಣ್ಣ ಅವರನ್ನು ಕಲ್ಪತರು ನಾಡಿನ ಮತದಾರರು ಕೈ ಹಿಡಿದಿದ್ದಾರೆ. ತುಮಕೂರು ಲೋಕಸಭಾ ಕ್ಷೇತ್ರದಲ್ಲಿ ಬಿಜೆಪಿ ಅಭ್ಯರ್ಥಿ ವಿ.ಸೋಮಣ್ಣ ಅವರು ಭರ್ಜರಿ ಗೆಲುವು ಸಾಧಿಸಿದ್ದಾರೆ. ಕಾಂಗ್ರೆಸ್ ಅಭ್ಯರ್ಥಿ ಎಸ್.ಪಿ.ಮುದ್ದಹನುಮೇಗೌಡ ಅವರನ್ನು 1,75,621 ಮತಗಳ ಅಂತರದಿಂದ ಸೋಲಿಸಿದ್ದಾರೆ. ಹೊರಗಿನವರು ಎಂಬ ಆರೋಪದ ನಡುವೆಯೂ ಸೋಮಣ್ಣ ಜಯಗಳಿಸಿರುವುದು ವಿಶೇಷ.
ಸೋಮಣ್ಣ ಅವರು 7,20,946 ಮತಗಳನ್ನು ಪಡೆದರೆ, ಮುದ್ದಹನುಮೇಗೌಡ ಅವರು 5,45,325 ಮತಗಳನ್ನು ಪಡೆದಿದ್ದಾರೆ. ಕ್ಷೇತ್ರದ ಎಂಟು ವಿಧಾನಸಭಾ ಕ್ಷೇತ್ರಗಳ ಪೈಕಿ ಬಹುತೇಕ ಕಡೆ ಬಿಜೆಪಿ ಮುನ್ನಡೆ ಸಾಧಿಸಿದೆ. ಜೆಡಿಎಸ್ ಮೈತ್ರಿ ಬಿಜೆಪಿಗೆ ಹೆಚ್ಚಿನ ಬಲ ನೀಡಿದೆ. ಮೋದಿ ಅಲೆ ಹಾಗೂ ಮೈತ್ರಿ ಬಲದಿಂದ ಗೆಲುವು ಸಾಧ್ಯವಾಗಿದೆ ಎಂದು ಮುಖಂಡರು ಹೇಳಿದರು. ಕ್ಷೇತ್ರದ ಅಭಿವೃದ್ಧಿಗೆ ಶ್ರಮಿಸುವುದಾಗಿ ಸೋಮಣ್ಣ ತಿಳಿಸಿದರು.
ಎಲ್ಲೆಡೆ ಸಂಭ್ರಮಾಚರಣೆ
ವಿ. ಸೋಮಣ್ಣ ಅವರು ಮುನ್ನಡೆ ಸಾಧಿಸುತ್ತಿದ್ದಂತೆ ಜಿಲ್ಲೆಯ ಬಿಜೆಪಿ ಕಾರ್ಯಕರ್ತರು, ಮುಖಂಡರು ಹಾಗೂ ಅಭಿಮಾನಿಗಳು ಪಟಾಕಿ ಸಿಡಿಸಿ, ಸಿಹಿ ಹಂಚಿ ಸಂಭ್ರಮಿಸಿದರು. ನಗರದ ಪ್ರಮುಖ ವೃತ್ತಗಳಲ್ಲಿ ಕಾರ್ಯಕರ್ತರು ಜಮಾಯಿಸಿ ಜಯಘೋಷ ಮೊಳಗಿಸಿದರು.
ತಾಲೂಕುವಾರು ಲೀಡ್
ಲೋಕಸಭೆ ಚುನಾವಣೆಯಲ್ಲಿ ಬಿಜೆಪಿ-ಜೆಡಿಎಸ್
ಮೈತ್ರಿ ಅಭ್ಯರ್ಥಿ ವಿ.ಸೋಮಣ್ಣ ಭರ್ಜರಿ ಗೆಲುವು ಸಾಧಿಸಿದ್ದಾರೆ. ತುರುವೇಕೆರೆ ವಿಧಾನಸಭಾ ಕ್ಷೇತ್ರದಲ್ಲಿ 40,861 ಮತಗಳ ಲೀಡ್ ಪಡೆದಿದ್ದಾರೆ. ತಿಪಟೂರು ಕ್ಷೇತ್ರದಲ್ಲಿ 25,421, ಗುಬ್ಬಿ ಕ್ಷೇತ್ರದಲ್ಲಿ 12,802, ತುಮಕೂರು ಗ್ರಾಮಾಂತರ ಕ್ಷೇತ್ರದಲ್ಲಿ 28,820, ಚಿಕ್ಕನಾಯಕನಹಳ್ಳಿ 26,490, ಕೊರಟಗೆರೆ 12,700, ಮಧುಗಿರಿ 6,409 ಹಾಗೂ ತುಮಕೂರು ನಗರ ಕ್ಷೇತ್ರದಲ್ಲಿ 5,817 ಮತಗಳ ಅಂತರದಿಂದ ಸೋಮಣ್ಣ ಮುನ್ನಡೆ ಸಾಧಿಸಿದ್ದಾರೆ.
ವಿವಿಧ ರಾಜಕೀಯ ಪಕ್ಷಗಳ ಅಭ್ಯರ್ಥಿಗಳು ಪಡೆದ ಮತಗಳು
ತುಮಕೂರು ಲೋಕಸಭಾ ಚುನಾವಣೆಯಲ್ಲಿ ಸ್ಪರ್ಧಿಸಿದ್ದ ಇತರ ಅಭ್ಯರ್ಥಿಗಳು ಪಡೆದ ಮತಗಳ ವಿವರ: ಬಹುಜನ ಸಮಾಜ ಪಕ್ಷದ ಅಭ್ಯರ್ಥಿ 6761, ಉತ್ತಮ ಪ್ರಜಾಕೀಯ ಪಕ್ಷದ ಅಭ್ಯರ್ಥಿ 5521, ಕರ್ನಾಟಕ ರಾಷ್ಟ್ರ ಸಮಿತಿ ಅಭ್ಯರ್ಥಿ 4582, ಪಕ್ಷೇತರ ಅಭ್ಯರ್ಥಿ 3129, ಪಕ್ಷೇತರ ಅಭ್ಯರ್ಥಿ 1872, ಪಕ್ಷೇತರ ಅಭ್ಯರ್ಥಿ 1244, ಪಕ್ಷೇತರ 890, ಪಕ್ಷೇತರ 859, ಪಕ್ಷೇತರ 710, ಪಕ್ಷೇತರ 622, ಪಕ್ಷೇತರ 491, ಪಕ್ಷೇತರ 483, ಪಕ್ಷೇತರ 477, ಪಕ್ಷೇತರ 451, ಪಕ್ಷೇತರ 433 ಮತಗಳನ್ನು ಪಡೆದಿದ್ದಾರೆ. ನೋಟಾಕ್ಕೆ 6426 ಮತಗಳು ಬಿದ್ದಿವೆ.
